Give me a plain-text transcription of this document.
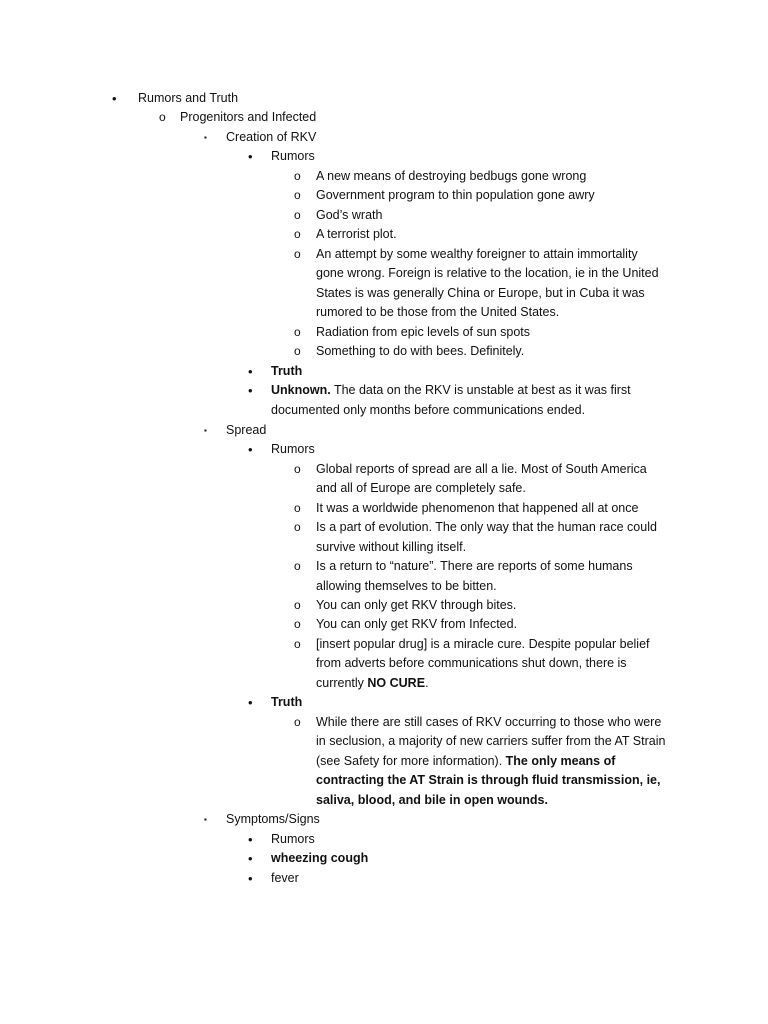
• Rumors and Truth
o Progenitors and Infected
▪ Creation of RKV
• Rumors
o A new means of destroying bedbugs gone wrong
o Government program to thin population gone awry
o God’s wrath
o A terrorist plot.
o An attempt by some wealthy foreigner to attain immortality
gone wrong. Foreign is relative to the location, ie in the United
States is was generally China or Europe, but in Cuba it was
rumored to be those from the United States.
o Radiation from epic levels of sun spots
o Something to do with bees. Definitely.
• Truth
• Unknown. The data on the RKV is unstable at best as it was first
documented only months before communications ended.
▪ Spread
• Rumors
o Global reports of spread are all a lie. Most of South America
and all of Europe are completely safe.
o It was a worldwide phenomenon that happened all at once
o Is a part of evolution. The only way that the human race could
survive without killing itself.
o Is a return to “nature”. There are reports of some humans
allowing themselves to be bitten.
o You can only get RKV through bites.
o You can only get RKV from Infected.
o [insert popular drug] is a miracle cure. Despite popular belief
from adverts before communications shut down, there is
currently NO CURE.
• Truth
o While there are still cases of RKV occurring to those who were
in seclusion, a majority of new carriers suffer from the AT Strain
(see Safety for more information). The only means of
contracting the AT Strain is through fluid transmission, ie,
saliva, blood, and bile in open wounds.
▪ Symptoms/Signs
• Rumors
• wheezing cough
• fever
